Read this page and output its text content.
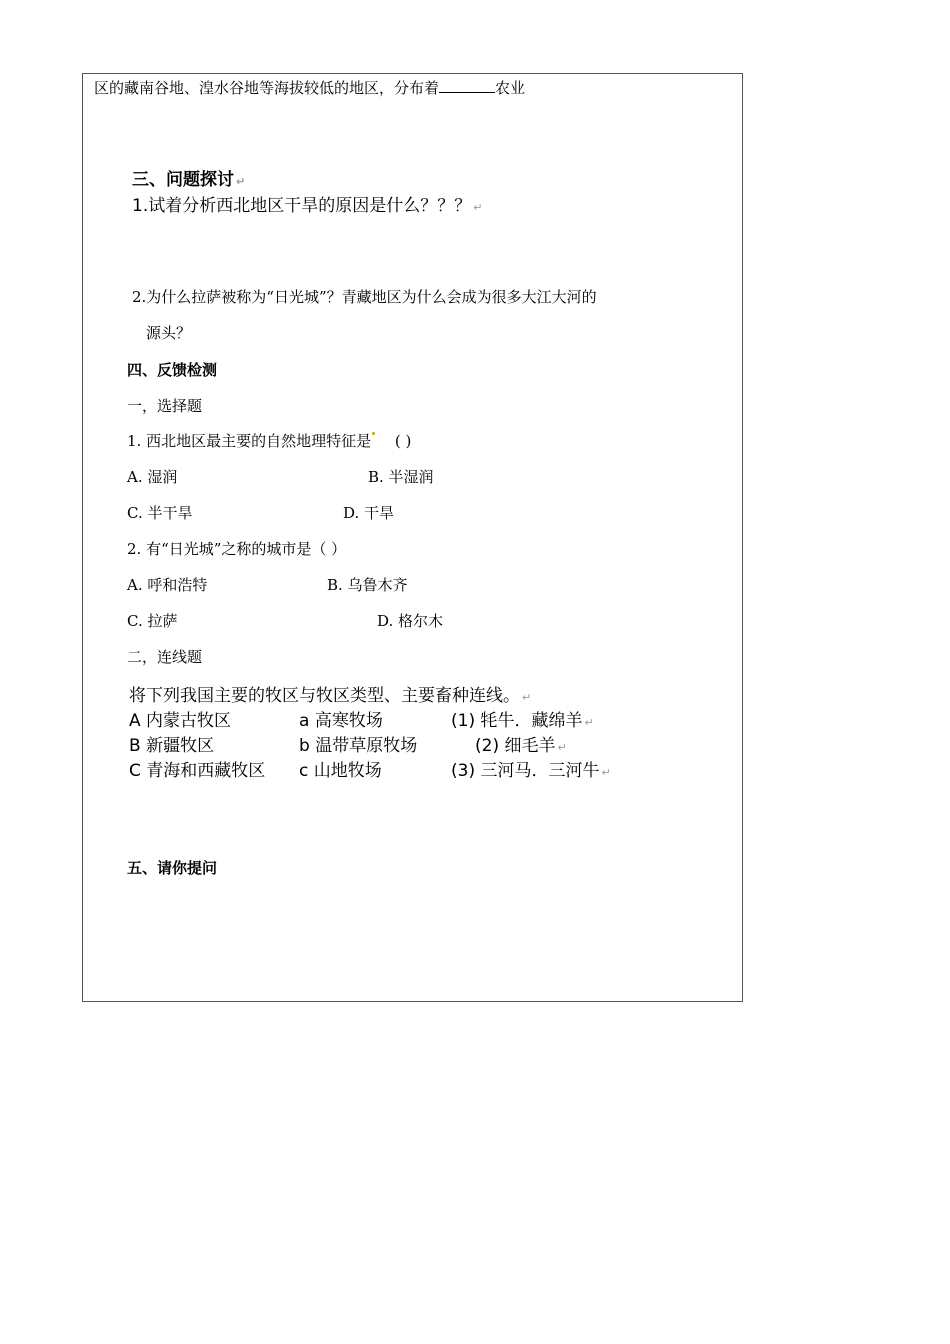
区的藏南谷地、湟水谷地等海拔较低的地区，分布着	农业
三、问题探讨 ↵
1.试着分析西北地区干旱的原因是什么？？？ ↵
2.为什么拉萨被称为“日光城”？青藏地区为什么会成为很多大江大河的
源头？
四、反馈检测
一，选择题
1. 西北地区最主要的自然地理特征是 ( )
A. 湿润	B. 半湿润
C. 半干旱	D. 干旱
2. 有“日光城”之称的城市是（ ）
A. 呼和浩特	B. 乌鲁木齐
C. 拉萨	D. 格尔木
二，连线题
将下列我国主要的牧区与牧区类型、主要畜种连线。 ↵
A 内蒙古牧区	a 高寒牧场	(1) 牦牛．藏绵羊 ↵
B 新疆牧区	b 温带草原牧场	(2) 细毛羊 ↵
C 青海和西藏牧区 c 山地牧场	(3) 三河马．三河牛 ↵
五、请你提问
